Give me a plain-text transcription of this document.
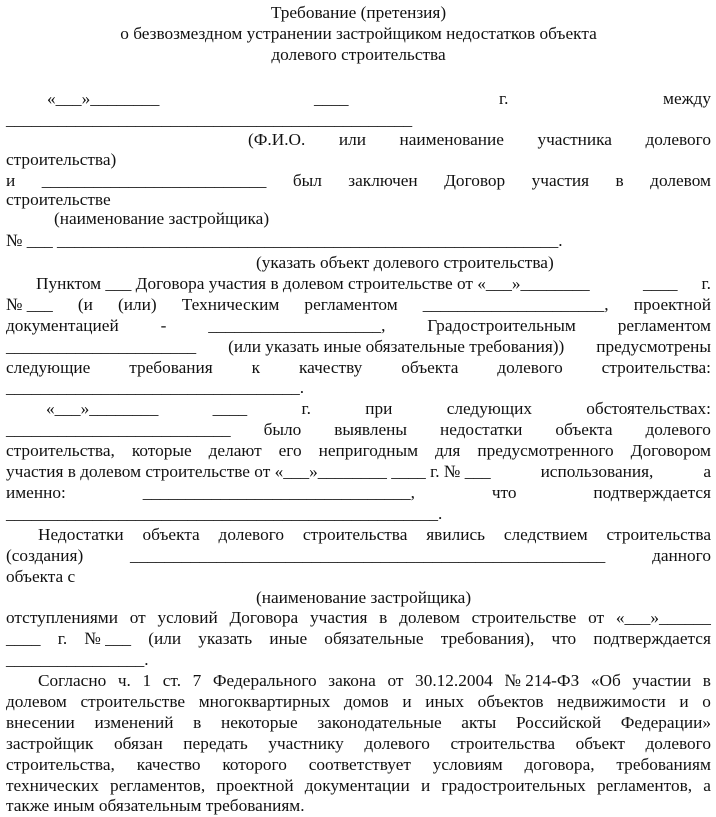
Требование (претензия)
о безвозмездном устранении застройщиком недостатков объекта
долевого строительства
«___»________	____	г.	между
_______________________________________________
(Ф.И.О. или наименование участника долевого
строительства)
и __________________________ был заключен Договор участия в долевом
строительстве
(наименование застройщика)
№ ___ __________________________________________________________.
(указать объект долевого строительства)
Пунктом ___ Договора участия в долевом строительстве от «___»________	____ г.
№ ___ (и (или) Техническим регламентом _____________________, проектной
документацией - ____________________, Градостроительным регламентом
______________________ (или указать иные обязательные требования)) предусмотрены
следующие требования к качеству объекта долевого строительства:
__________________________________.
«___»________	____	г.	при	следующих	обстоятельствах:
__________________________ было выявлены недостатки объекта долевого
строительства, которые делают его непригодным для предусмотренного Договором
участия в долевом строительстве от «___»________ ____ г. № ___	использования,	а
именно:	_______________________________,	что	подтверждается
__________________________________________________.
Недостатки объекта долевого строительства явились следствием строительства
(создания)	_______________________________________________________	данного
объекта с
(наименование застройщика)
отступлениями от условий Договора участия в долевом строительстве от «___»______
____ г. № ___ (или указать иные обязательные требования), что подтверждается
________________.
Согласно ч. 1 ст. 7 Федерального закона от 30.12.2004 № 214-ФЗ «Об участии в
долевом строительстве многоквартирных домов и иных объектов недвижимости и о
внесении изменений в некоторые законодательные акты Российской Федерации»
застройщик обязан передать участнику долевого строительства объект долевого
строительства, качество которого соответствует условиям договора, требованиям
технических регламентов, проектной документации и градостроительных регламентов, а
также иным обязательным требованиям.
